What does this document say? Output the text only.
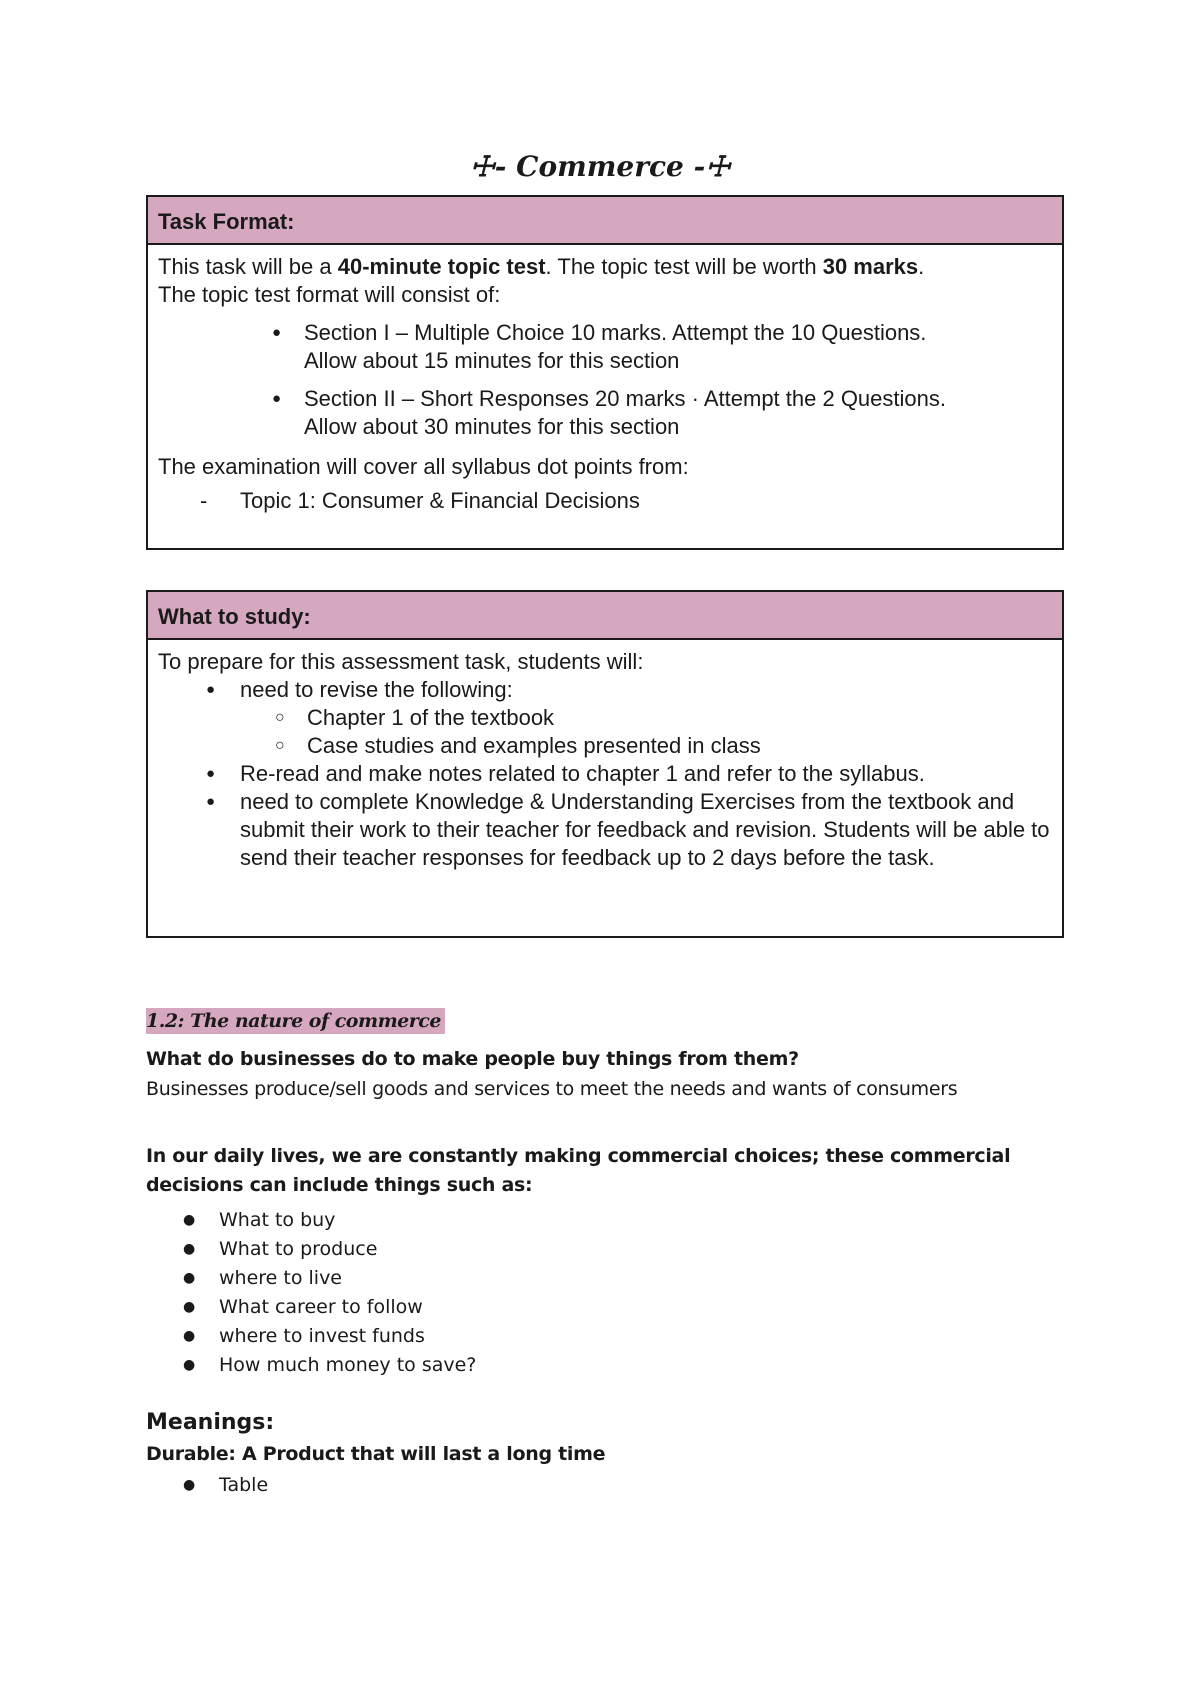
☩- Commerce -☩
Task Format:

This task will be a 40-minute topic test. The topic test will be worth 30 marks.

The topic test format will consist of:

● Section I – Multiple Choice 10 marks. Attempt the 10 Questions.
Allow about 15 minutes for this section
● Section II – Short Responses 20 marks · Attempt the 2 Questions.
Allow about 30 minutes for this section

The examination will cover all syllabus dot points from:

- Topic 1: Consumer & Financial Decisions
What to study:

To prepare for this assessment task, students will:

● need to revise the following:
○ Chapter 1 of the textbook
○ Case studies and examples presented in class
● Re-read and make notes related to chapter 1 and refer to the syllabus.
● need to complete Knowledge & Understanding Exercises from the textbook and submit their work to their teacher for feedback and revision. Students will be able to send their teacher responses for feedback up to 2 days before the task.
1.2: The nature of commerce
What do businesses do to make people buy things from them?
Businesses produce/sell goods and services to meet the needs and wants of consumers
In our daily lives, we are constantly making commercial choices; these commercial decisions can include things such as:
● What to buy
● What to produce
● where to live
● What career to follow
● where to invest funds
● How much money to save?
Meanings:
Durable: A Product that will last a long time
● Table
